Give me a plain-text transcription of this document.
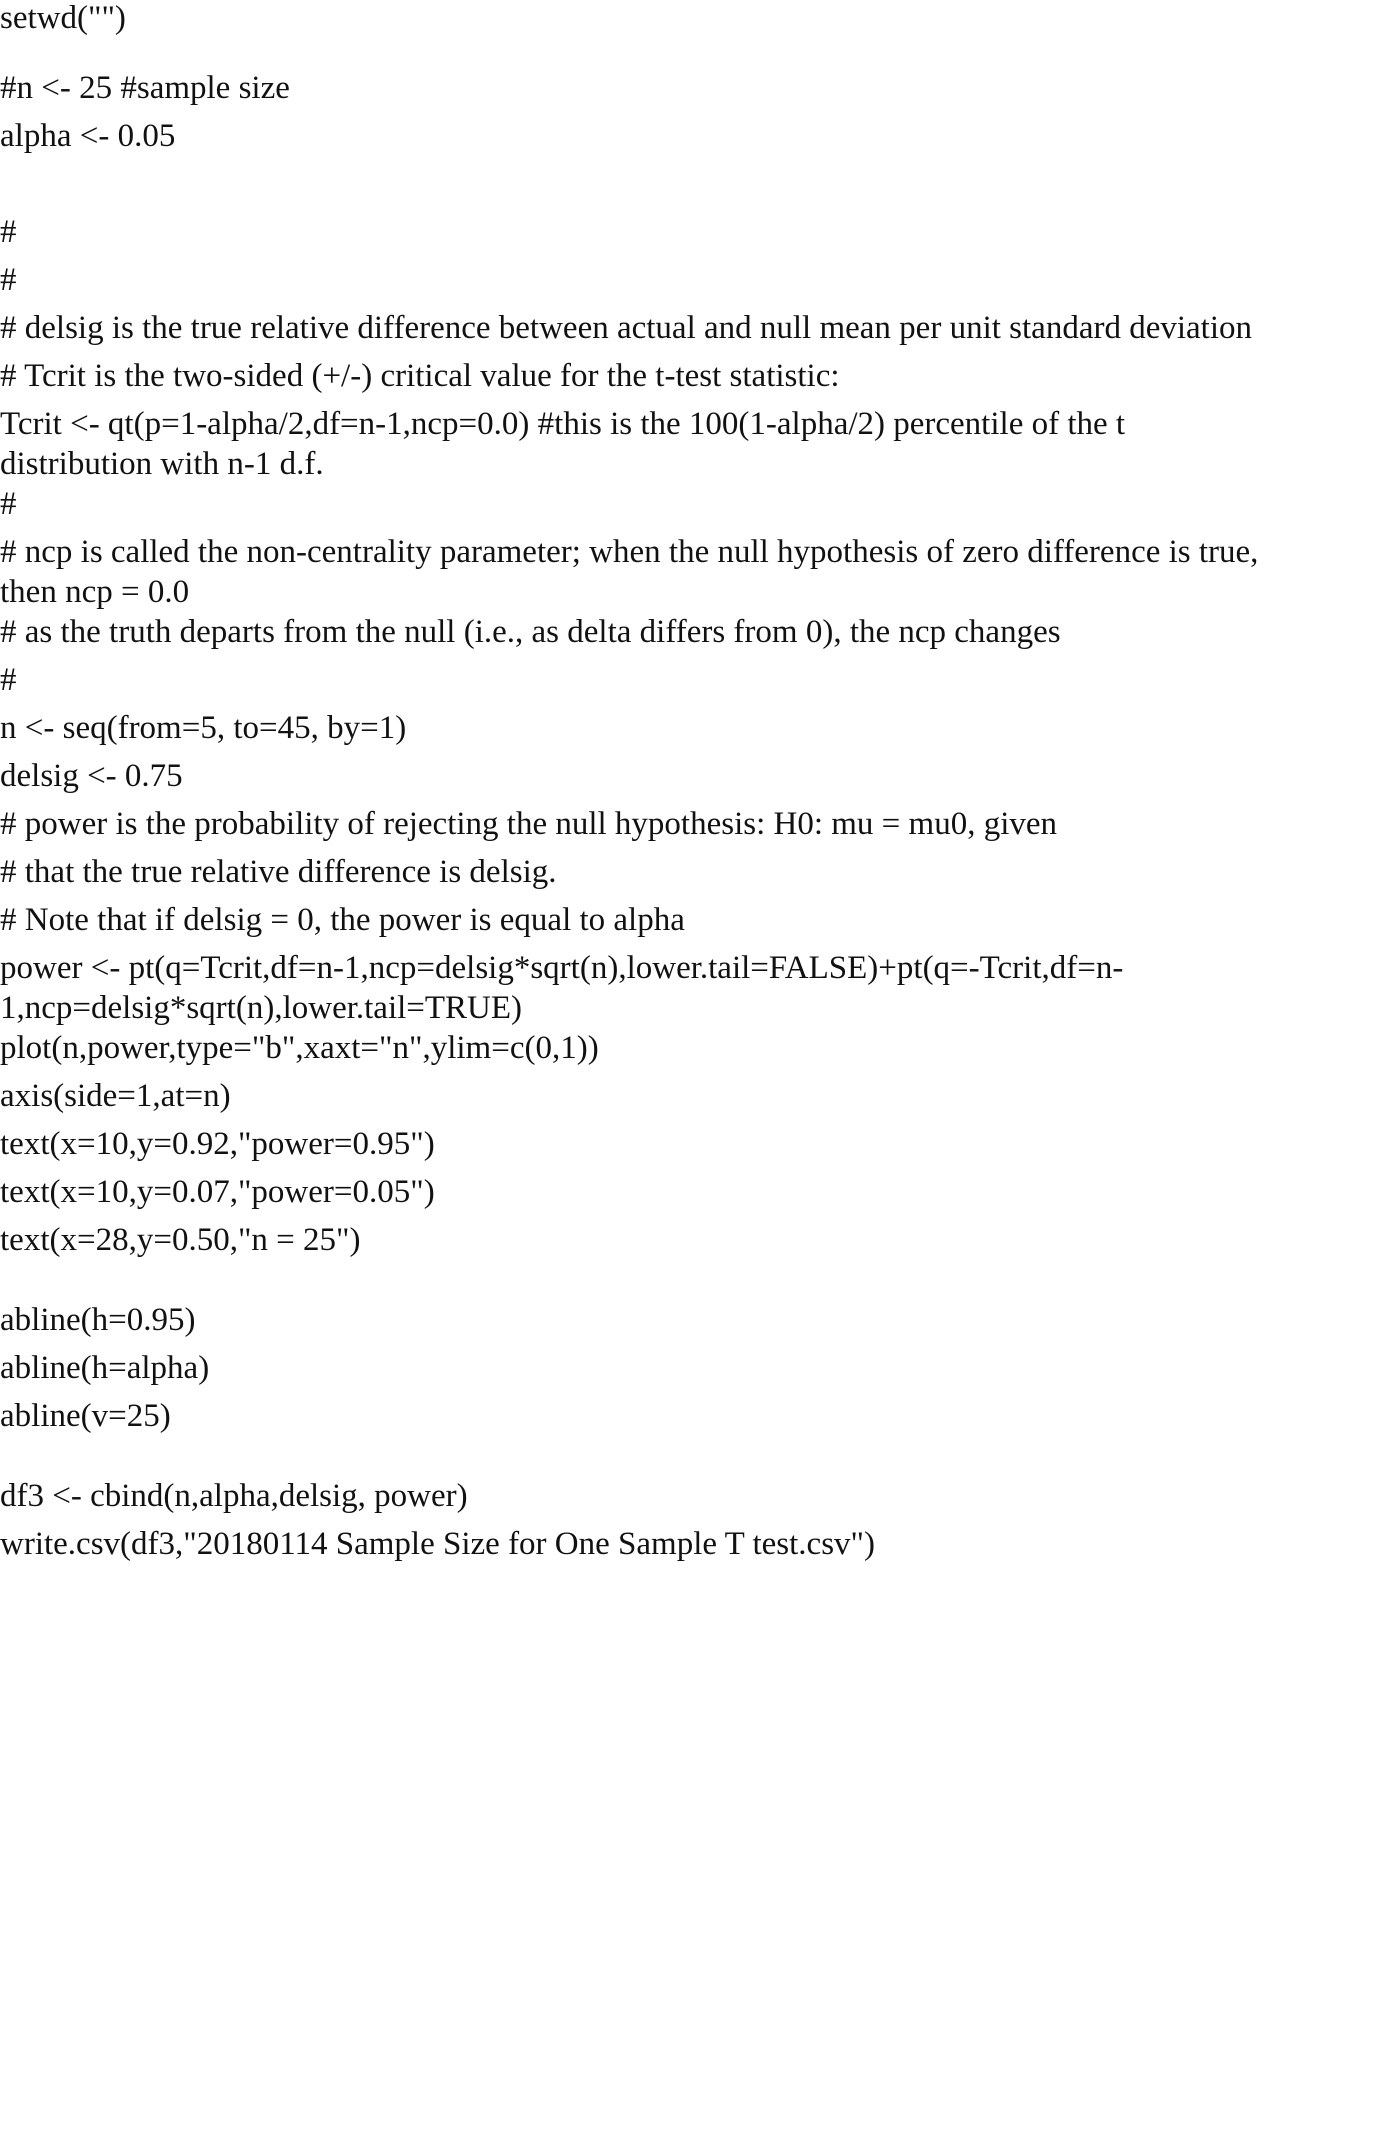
setwd("")
#n <- 25 #sample size
alpha <- 0.05
#
#
# delsig is the true relative difference between actual and null mean per unit standard deviation
# Tcrit is the two-sided (+/-) critical value for the t-test statistic:
Tcrit <- qt(p=1-alpha/2,df=n-1,ncp=0.0) #this is the 100(1-alpha/2) percentile of the t
distribution with n-1 d.f.
#
# ncp is called the non-centrality parameter; when the null hypothesis of zero difference is true,
then ncp = 0.0
# as the truth departs from the null (i.e., as delta differs from 0), the ncp changes
#
n <- seq(from=5, to=45, by=1)
delsig <- 0.75
# power is the probability of rejecting the null hypothesis: H0: mu = mu0, given
# that the true relative difference is delsig.
# Note that if delsig = 0, the power is equal to alpha
power <- pt(q=Tcrit,df=n-1,ncp=delsig*sqrt(n),lower.tail=FALSE)+pt(q=-Tcrit,df=n-
1,ncp=delsig*sqrt(n),lower.tail=TRUE)
plot(n,power,type="b",xaxt="n",ylim=c(0,1))
axis(side=1,at=n)
text(x=10,y=0.92,"power=0.95")
text(x=10,y=0.07,"power=0.05")
text(x=28,y=0.50,"n = 25")
abline(h=0.95)
abline(h=alpha)
abline(v=25)
df3 <- cbind(n,alpha,delsig, power)
write.csv(df3,"20180114 Sample Size for One Sample T test.csv")
